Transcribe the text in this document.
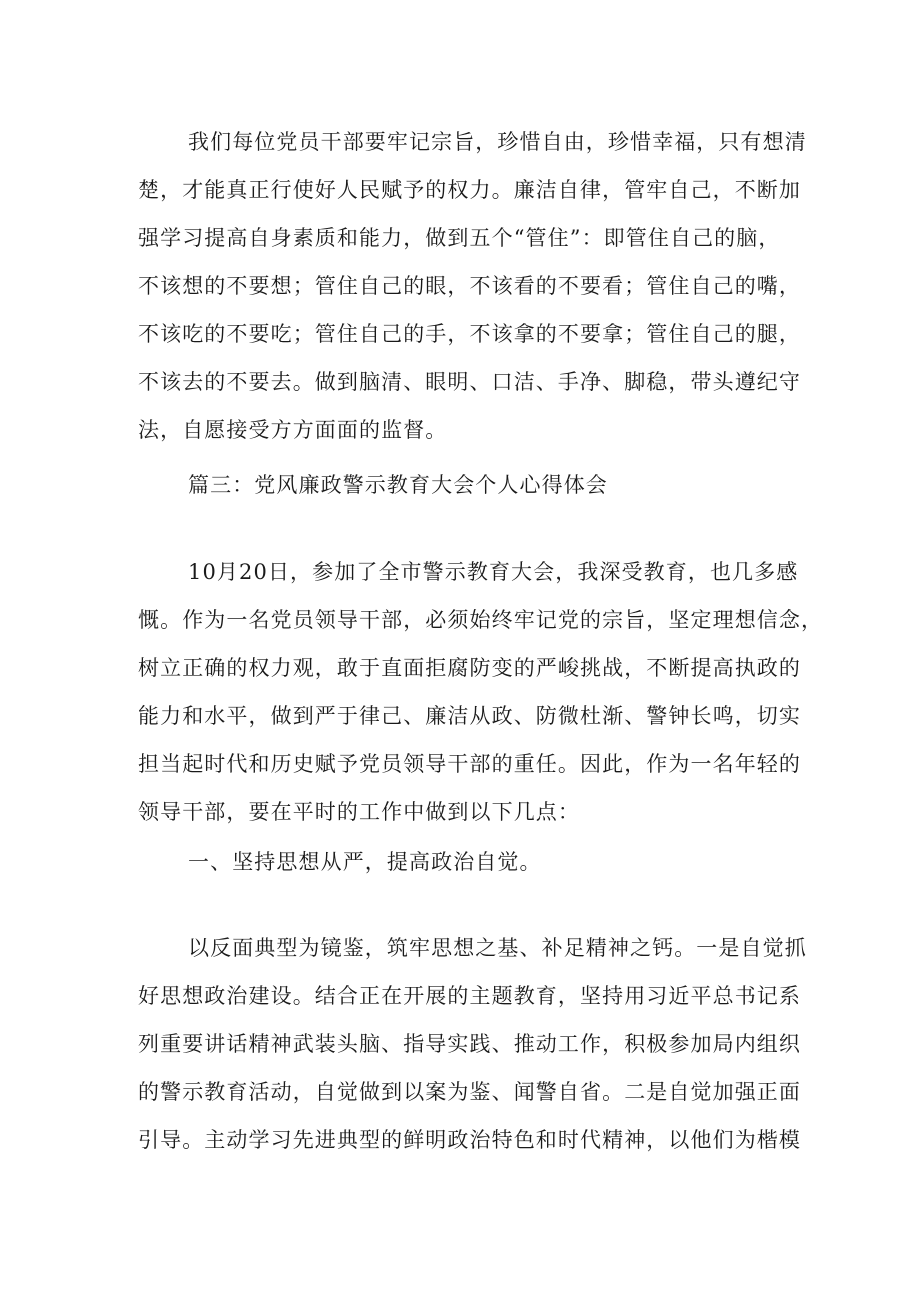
我们每位党员干部要牢记宗旨，珍惜自由，珍惜幸福，只有想清
楚，才能真正行使好人民赋予的权力。廉洁自律，管牢自己，不断加
强学习提高自身素质和能力，做到五个“管住”：即管住自己的脑，
不该想的不要想；管住自己的眼，不该看的不要看；管住自己的嘴，
不该吃的不要吃；管住自己的手，不该拿的不要拿；管住自己的腿，
不该去的不要去。做到脑清、眼明、口洁、手净、脚稳，带头遵纪守
法，自愿接受方方面面的监督。
篇三：党风廉政警示教育大会个人心得体会
10月20日，参加了全市警示教育大会，我深受教育，也几多感
慨。作为一名党员领导干部，必须始终牢记党的宗旨，坚定理想信念，
树立正确的权力观，敢于直面拒腐防变的严峻挑战，不断提高执政的
能力和水平，做到严于律己、廉洁从政、防微杜渐、警钟长鸣，切实
担当起时代和历史赋予党员领导干部的重任。因此，作为一名年轻的
领导干部，要在平时的工作中做到以下几点：
一、坚持思想从严，提高政治自觉。
以反面典型为镜鉴，筑牢思想之基、补足精神之钙。一是自觉抓
好思想政治建设。结合正在开展的主题教育，坚持用习近平总书记系
列重要讲话精神武装头脑、指导实践、推动工作，积极参加局内组织
的警示教育活动，自觉做到以案为鉴、闻警自省。二是自觉加强正面
引导。主动学习先进典型的鲜明政治特色和时代精神，以他们为楷模
